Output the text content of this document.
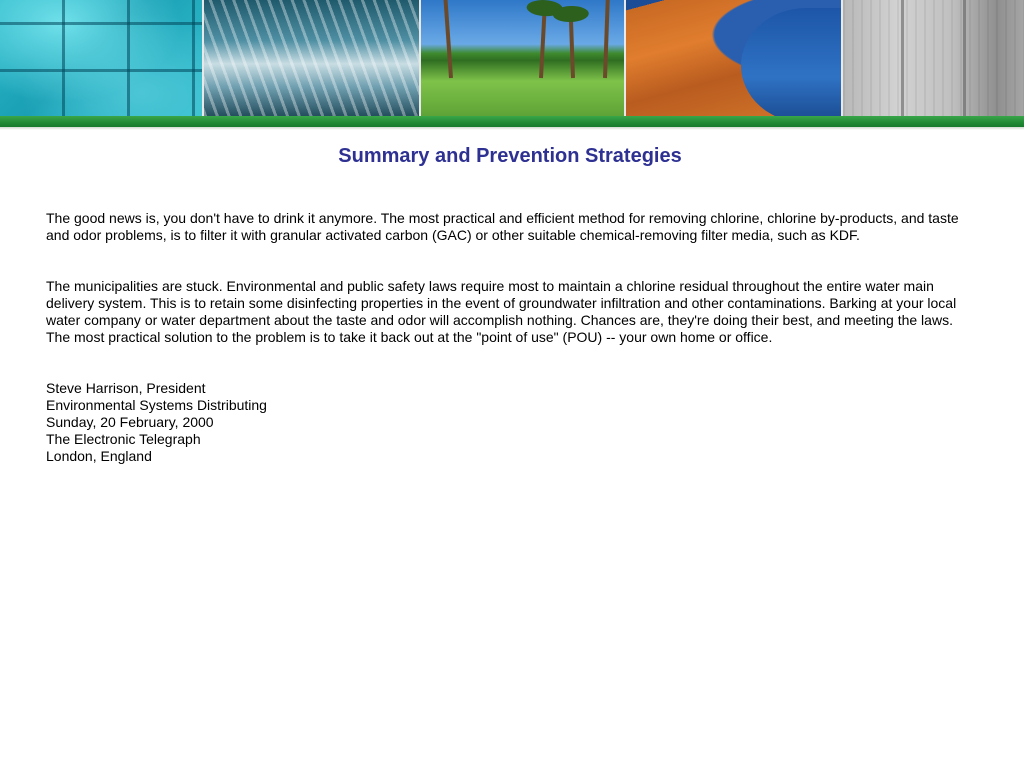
Summary and Prevention Strategies

The good news is, you don't have to drink it anymore. The most practical and efficient method for removing chlorine, chlorine by-products, and taste and odor problems, is to filter it with granular activated carbon (GAC) or other suitable chemical-removing filter media, such as KDF.

The municipalities are stuck. Environmental and public safety laws require most to maintain a chlorine residual throughout the entire water main delivery system. This is to retain some disinfecting properties in the event of groundwater infiltration and other contaminations. Barking at your local water company or water department about the taste and odor will accomplish nothing. Chances are, they're doing their best, and meeting the laws. The most practical solution to the problem is to take it back out at the "point of use" (POU) -- your own home or office.

Steve Harrison, President
Environmental Systems Distributing
Sunday, 20 February, 2000
The Electronic Telegraph
London, England
